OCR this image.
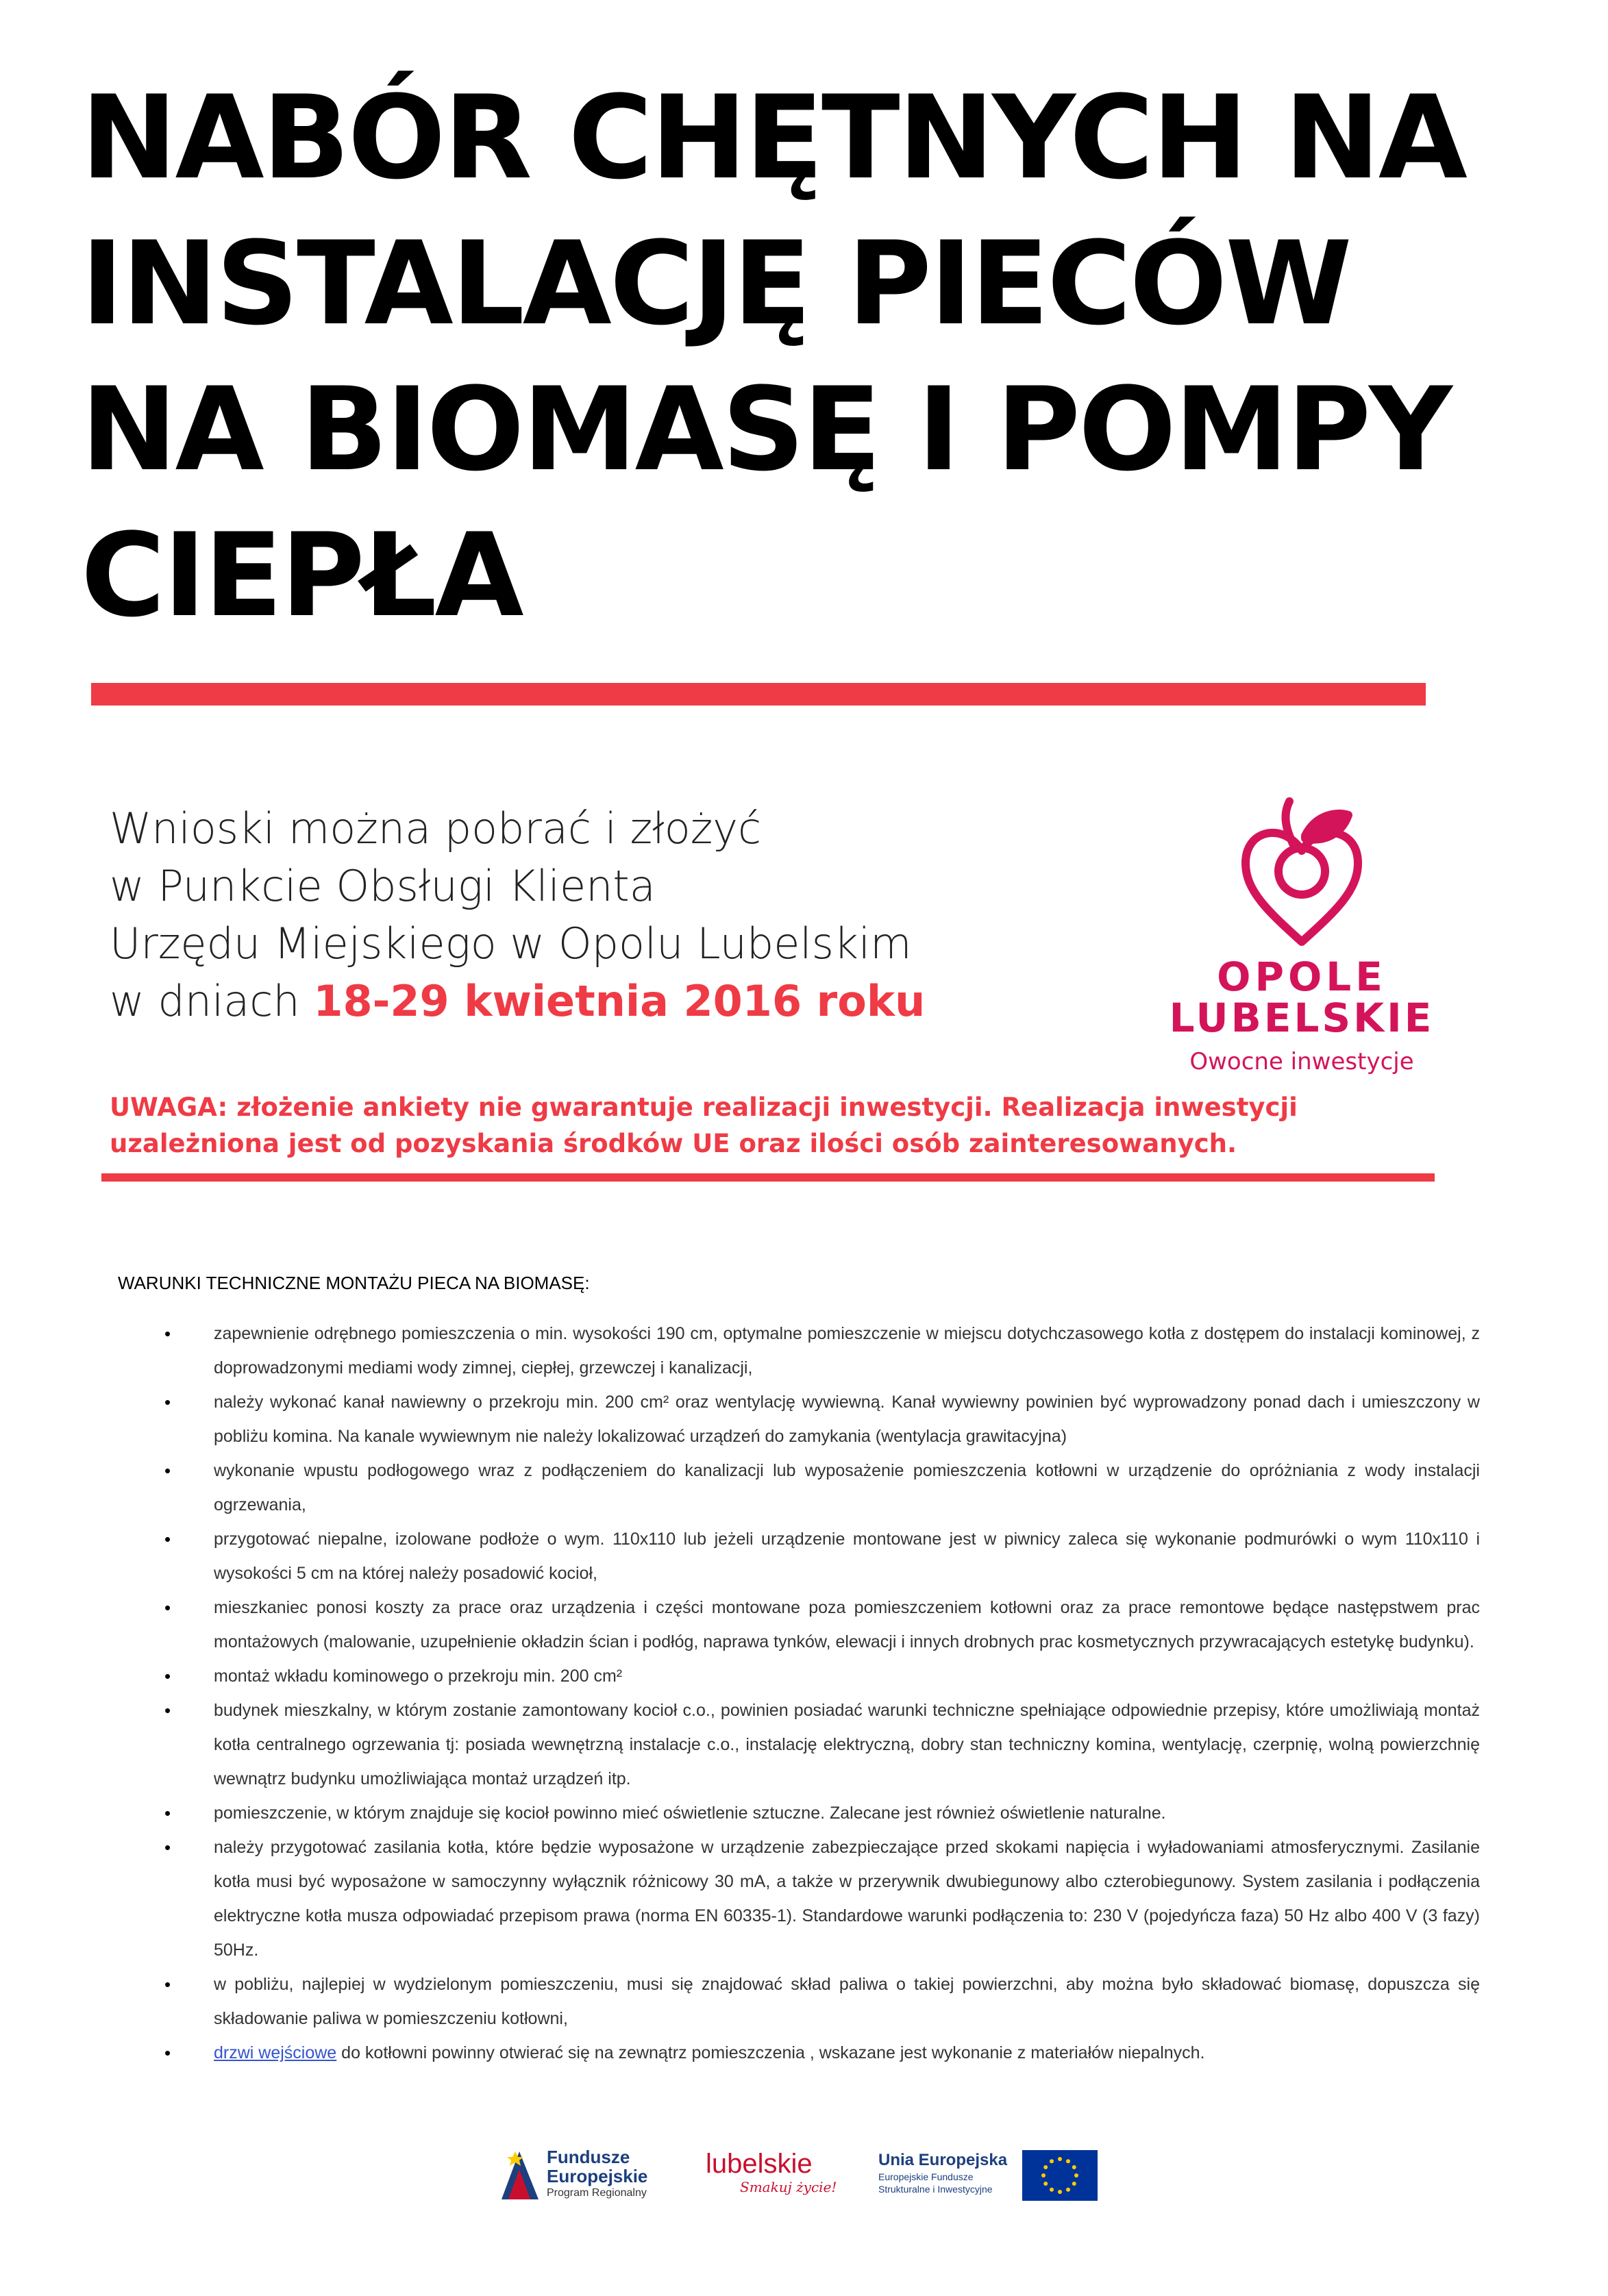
NABÓR CHĘTNYCH NA
INSTALACJĘ PIECÓW
NA BIOMASĘ I POMPY
CIEPŁA
Wnioski można pobrać i złożyć
w Punkcie Obsługi Klienta
Urzędu Miejskiego w Opolu Lubelskim
w dniach 18-29 kwietnia 2016 roku	OPOLE
LUBELSKIE
Owocne inwestycje
UWAGA: złożenie ankiety nie gwarantuje realizacji inwestycji. Realizacja inwestycji uzależniona jest od pozyskania środków UE oraz ilości osób zainteresowanych.
WARUNKI TECHNICZNE MONTAŻU PIECA NA BIOMASĘ:
•	zapewnienie odrębnego pomieszczenia o min. wysokości 190 cm, optymalne pomieszczenie w miejscu dotychczasowego kotła z dostępem do instalacji kominowej, z doprowadzonymi mediami wody zimnej, ciepłej, grzewczej i kanalizacji,
•	należy wykonać kanał nawiewny o przekroju min. 200 cm² oraz wentylację wywiewną. Kanał wywiewny powinien być wyprowadzony ponad dach i umieszczony w pobliżu komina. Na kanale wywiewnym nie należy lokalizować urządzeń do zamykania (wentylacja grawitacyjna)
•	wykonanie wpustu podłogowego wraz z podłączeniem do kanalizacji lub wyposażenie pomieszczenia kotłowni w urządzenie do opróżniania z wody instalacji ogrzewania,
•	przygotować niepalne, izolowane podłoże o wym. 110x110 lub jeżeli urządzenie montowane jest w piwnicy zaleca się wykonanie podmurówki o wym 110x110 i wysokości 5 cm na której należy posadowić kocioł,
•	mieszkaniec ponosi koszty za prace oraz urządzenia i części montowane poza pomieszczeniem kotłowni oraz za prace remontowe będące następstwem prac montażowych (malowanie, uzupełnienie okładzin ścian i podłóg, naprawa tynków, elewacji i innych drobnych prac kosmetycznych przywracających estetykę budynku).
•	montaż wkładu kominowego o przekroju min. 200 cm²
•	budynek mieszkalny, w którym zostanie zamontowany kocioł c.o., powinien posiadać warunki techniczne spełniające odpowiednie przepisy, które umożliwiają montaż kotła centralnego ogrzewania tj: posiada wewnętrzną instalacje c.o., instalację elektryczną, dobry stan techniczny komina, wentylację, czerpnię, wolną powierzchnię wewnątrz budynku umożliwiająca montaż urządzeń itp.
•	pomieszczenie, w którym znajduje się kocioł powinno mieć oświetlenie sztuczne. Zalecane jest również oświetlenie naturalne.
•	należy przygotować zasilania kotła, które będzie wyposażone w urządzenie zabezpieczające przed skokami napięcia i wyładowaniami atmosferycznymi. Zasilanie kotła musi być wyposażone w samoczynny wyłącznik różnicowy 30 mA, a także w przerywnik dwubiegunowy albo czterobiegunowy. System zasilania i podłączenia elektryczne kotła musza odpowiadać przepisom prawa (norma EN 60335-1). Standardowe warunki podłączenia to: 230 V (pojedyńcza faza) 50 Hz albo 400 V (3 fazy) 50Hz.
•	w pobliżu, najlepiej w wydzielonym pomieszczeniu, musi się znajdować skład paliwa o takiej powierzchni, aby można było składować biomasę, dopuszcza się składowanie paliwa w pomieszczeniu kotłowni,
•	drzwi wejściowe do kotłowni powinny otwierać się na zewnątrz pomieszczenia , wskazane jest wykonanie z materiałów niepalnych.
Fundusze
Europejskie
Program Regionalny
lubelskie
Smakuj życie!
Unia Europejska
Europejskie Fundusze
Strukturalne i Inwestycyjne
